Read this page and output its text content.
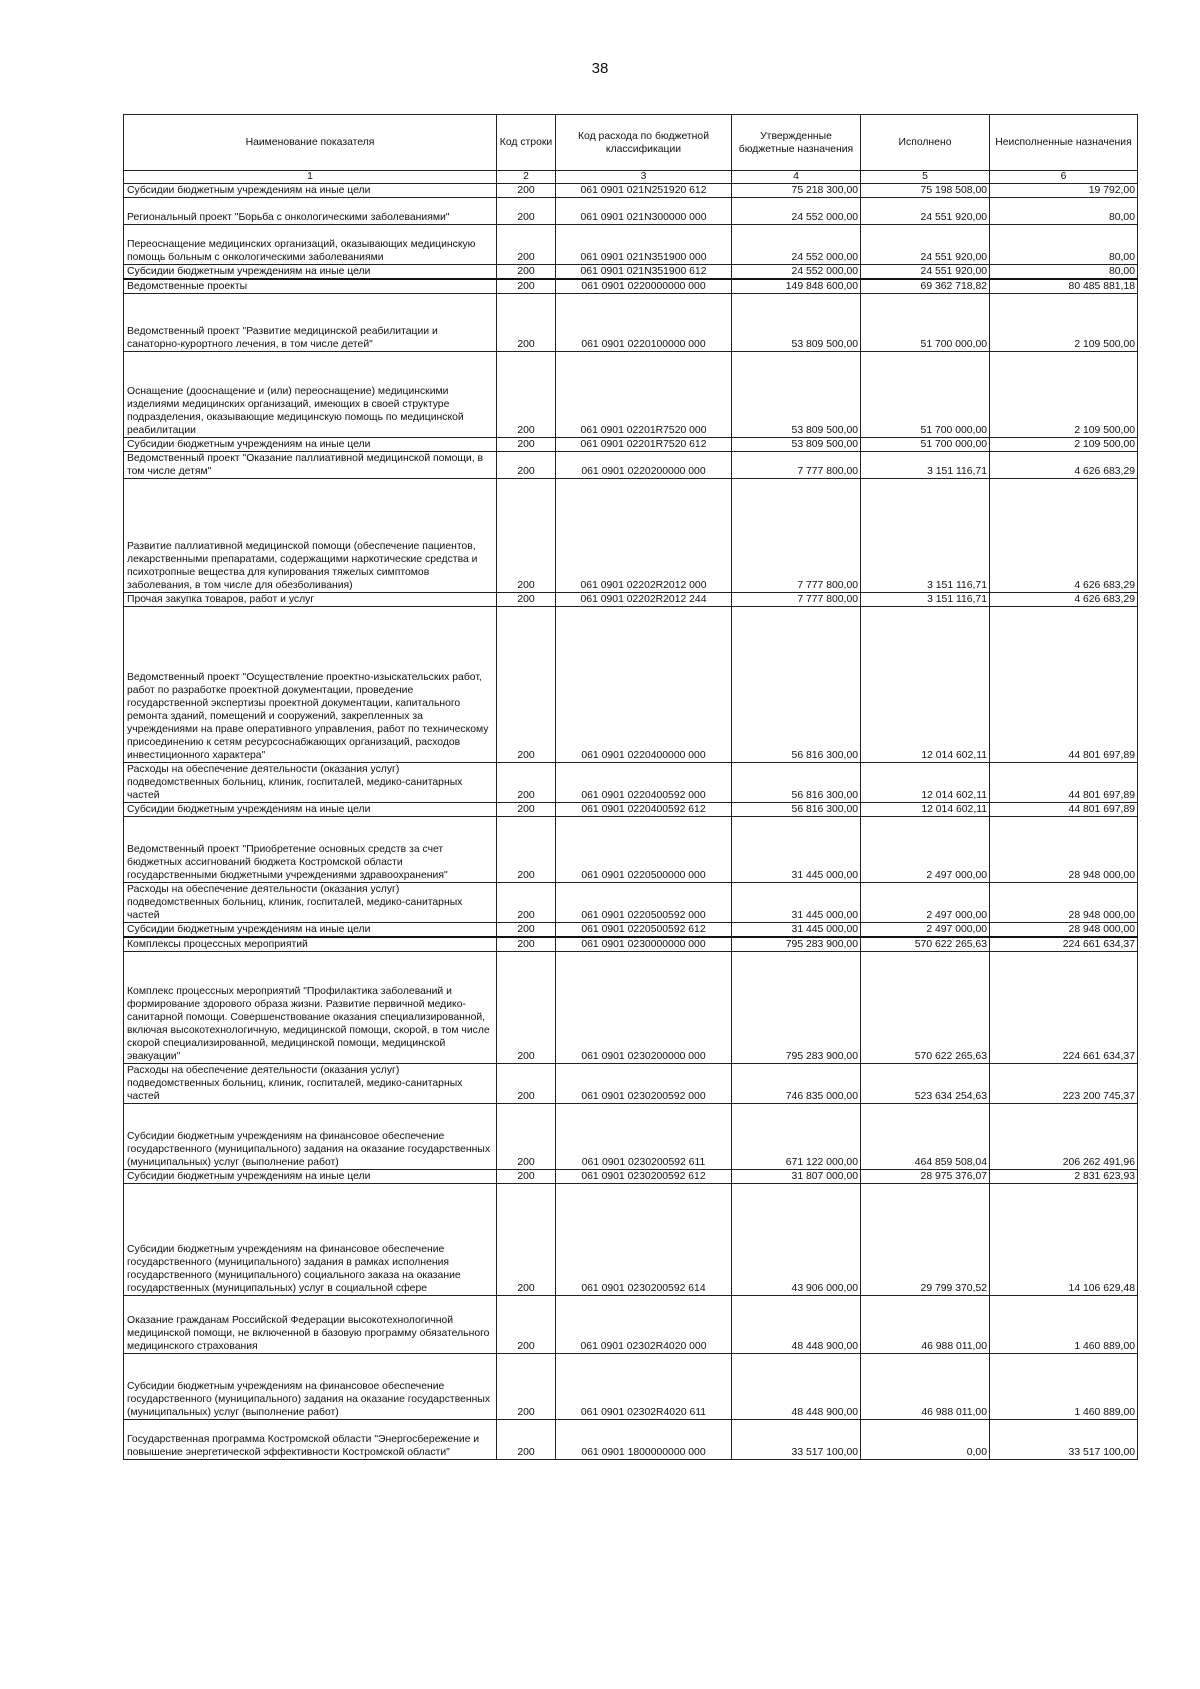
38
Наименование показателя	Код строки	Код расхода по бюджетной классификации	Утвержденные бюджетные назначения	Исполнено	Неисполненные назначения
1	2	3	4	5	6
Субсидии бюджетным учреждениям на иные цели	200	061 0901 021N251920 612	75 218 300,00	75 198 508,00	19 792,00
Региональный проект "Борьба с онкологическими заболеваниями"	200	061 0901 021N300000 000	24 552 000,00	24 551 920,00	80,00
Переоснащение медицинских организаций, оказывающих медицинскую помощь больным с онкологическими заболеваниями	200	061 0901 021N351900 000	24 552 000,00	24 551 920,00	80,00
Субсидии бюджетным учреждениям на иные цели	200	061 0901 021N351900 612	24 552 000,00	24 551 920,00	80,00
Ведомственные проекты	200	061 0901 0220000000 000	149 848 600,00	69 362 718,82	80 485 881,18
Ведомственный проект "Развитие медицинской реабилитации и санаторно-курортного лечения, в том числе детей"	200	061 0901 0220100000 000	53 809 500,00	51 700 000,00	2 109 500,00
Оснащение (дооснащение и (или) переоснащение) медицинскими изделиями медицинских организаций, имеющих в своей структуре подразделения, оказывающие медицинскую помощь по медицинской реабилитации	200	061 0901 02201R7520 000	53 809 500,00	51 700 000,00	2 109 500,00
Субсидии бюджетным учреждениям на иные цели	200	061 0901 02201R7520 612	53 809 500,00	51 700 000,00	2 109 500,00
Ведомственный проект "Оказание паллиативной медицинской помощи, в том числе детям"	200	061 0901 0220200000 000	7 777 800,00	3 151 116,71	4 626 683,29
Развитие паллиативной медицинской помощи (обеспечение пациентов, лекарственными препаратами, содержащими наркотические средства и психотропные вещества для купирования тяжелых симптомов заболевания, в том числе для обезболивания)	200	061 0901 02202R2012 000	7 777 800,00	3 151 116,71	4 626 683,29
Прочая закупка товаров, работ и услуг	200	061 0901 02202R2012 244	7 777 800,00	3 151 116,71	4 626 683,29
Ведомственный проект "Осуществление проектно-изыскательских работ, работ по разработке проектной документации, проведение государственной экспертизы проектной документации, капитального ремонта зданий, помещений и сооружений, закрепленных за учреждениями на праве оперативного управления, работ по техническому присоединению к сетям ресурсоснабжающих организаций, расходов инвестиционного характера"	200	061 0901 0220400000 000	56 816 300,00	12 014 602,11	44 801 697,89
Расходы на обеспечение деятельности (оказания услуг) подведомственных больниц, клиник, госпиталей, медико-санитарных частей	200	061 0901 0220400592 000	56 816 300,00	12 014 602,11	44 801 697,89
Субсидии бюджетным учреждениям на иные цели	200	061 0901 0220400592 612	56 816 300,00	12 014 602,11	44 801 697,89
Ведомственный проект "Приобретение основных средств за счет бюджетных ассигнований бюджета Костромской области государственными бюджетными учреждениями здравоохранения"	200	061 0901 0220500000 000	31 445 000,00	2 497 000,00	28 948 000,00
Расходы на обеспечение деятельности (оказания услуг) подведомственных больниц, клиник, госпиталей, медико-санитарных частей	200	061 0901 0220500592 000	31 445 000,00	2 497 000,00	28 948 000,00
Субсидии бюджетным учреждениям на иные цели	200	061 0901 0220500592 612	31 445 000,00	2 497 000,00	28 948 000,00
Комплексы процессных мероприятий	200	061 0901 0230000000 000	795 283 900,00	570 622 265,63	224 661 634,37
Комплекс процессных мероприятий "Профилактика заболеваний и формирование здорового образа жизни. Развитие первичной медико-санитарной помощи. Совершенствование оказания специализированной, включая высокотехнологичную, медицинской помощи, скорой, в том числе скорой специализированной, медицинской помощи, медицинской эвакуации"	200	061 0901 0230200000 000	795 283 900,00	570 622 265,63	224 661 634,37
Расходы на обеспечение деятельности (оказания услуг) подведомственных больниц, клиник, госпиталей, медико-санитарных частей	200	061 0901 0230200592 000	746 835 000,00	523 634 254,63	223 200 745,37
Субсидии бюджетным учреждениям на финансовое обеспечение государственного (муниципального) задания на оказание государственных (муниципальных) услуг (выполнение работ)	200	061 0901 0230200592 611	671 122 000,00	464 859 508,04	206 262 491,96
Субсидии бюджетным учреждениям на иные цели	200	061 0901 0230200592 612	31 807 000,00	28 975 376,07	2 831 623,93
Субсидии бюджетным учреждениям на финансовое обеспечение государственного (муниципального) задания в рамках исполнения государственного (муниципального) социального заказа на оказание государственных (муниципальных) услуг в социальной сфере	200	061 0901 0230200592 614	43 906 000,00	29 799 370,52	14 106 629,48
Оказание гражданам Российской Федерации высокотехнологичной медицинской помощи, не включенной в базовую программу обязательного медицинского страхования	200	061 0901 02302R4020 000	48 448 900,00	46 988 011,00	1 460 889,00
Субсидии бюджетным учреждениям на финансовое обеспечение государственного (муниципального) задания на оказание государственных (муниципальных) услуг (выполнение работ)	200	061 0901 02302R4020 611	48 448 900,00	46 988 011,00	1 460 889,00
Государственная программа Костромской области "Энергосбережение и повышение энергетической эффективности Костромской области"	200	061 0901 1800000000 000	33 517 100,00	0,00	33 517 100,00
